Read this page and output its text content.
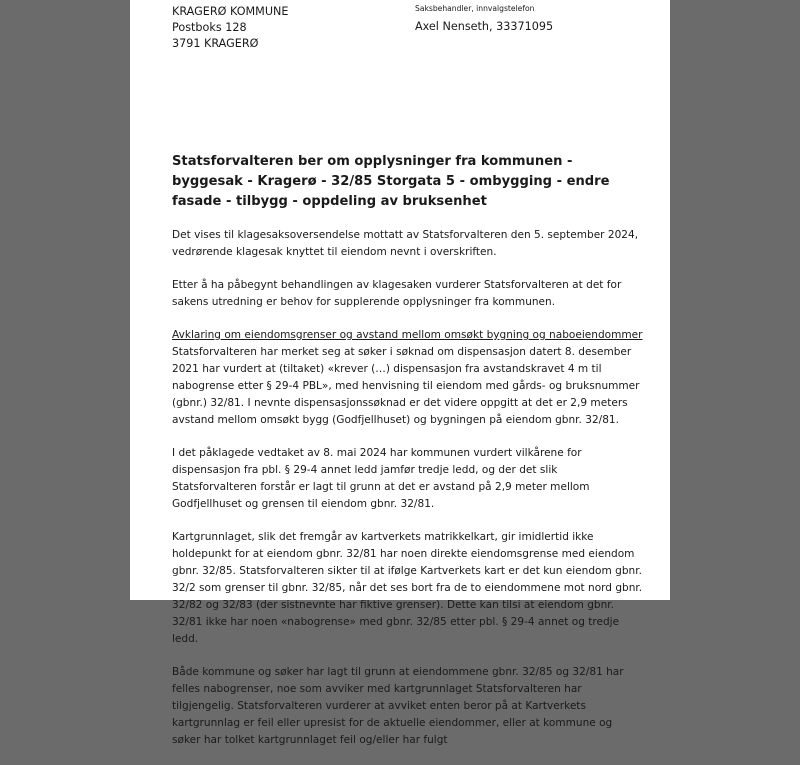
KRAGERØ KOMMUNE
Postboks 128
3791 KRAGERØ
Saksbehandler, innvalgstelefon
Axel Nenseth, 33371095
Statsforvalteren ber om opplysninger fra kommunen - byggesak - Kragerø - 32/85 Storgata 5 - ombygging - endre fasade - tilbygg - oppdeling av bruksenhet

Det vises til klagesaksoversendelse mottatt av Statsforvalteren den 5. september 2024, vedrørende klagesak knyttet til eiendom nevnt i overskriften.

Etter å ha påbegynt behandlingen av klagesaken vurderer Statsforvalteren at det for sakens utredning er behov for supplerende opplysninger fra kommunen.

Avklaring om eiendomsgrenser og avstand mellom omsøkt bygning og naboeiendommer
Statsforvalteren har merket seg at søker i søknad om dispensasjon datert 8. desember 2021 har vurdert at (tiltaket) «krever (…) dispensasjon fra avstandskravet 4 m til nabogrense etter § 29-4 PBL», med henvisning til eiendom med gårds- og bruksnummer (gbnr.) 32/81. I nevnte dispensasjonssøknad er det videre oppgitt at det er 2,9 meters avstand mellom omsøkt bygg (Godfjellhuset) og bygningen på eiendom gbnr. 32/81.

I det påklagede vedtaket av 8. mai 2024 har kommunen vurdert vilkårene for dispensasjon fra pbl. § 29-4 annet ledd jamfør tredje ledd, og der det slik Statsforvalteren forstår er lagt til grunn at det er avstand på 2,9 meter mellom Godfjellhuset og grensen til eiendom gbnr. 32/81.

Kartgrunnlaget, slik det fremgår av kartverkets matrikkelkart, gir imidlertid ikke holdepunkt for at eiendom gbnr. 32/81 har noen direkte eiendomsgrense med eiendom gbnr. 32/85. Statsforvalteren sikter til at ifølge Kartverkets kart er det kun eiendom gbnr. 32/2 som grenser til gbnr. 32/85, når det ses bort fra de to eiendommene mot nord gbnr. 32/82 og 32/83 (der sistnevnte har fiktive grenser). Dette kan tilsi at eiendom gbnr. 32/81 ikke har noen «nabogrense» med gbnr. 32/85 etter pbl. § 29-4 annet og tredje ledd.

Både kommune og søker har lagt til grunn at eiendommene gbnr. 32/85 og 32/81 har felles nabogrenser, noe som avviker med kartgrunnlaget Statsforvalteren har tilgjengelig. Statsforvalteren vurderer at avviket enten beror på at Kartverkets kartgrunnlag er feil eller upresist for de aktuelle eiendommer, eller at kommune og søker har tolket kartgrunnlaget feil og/eller har fulgt
